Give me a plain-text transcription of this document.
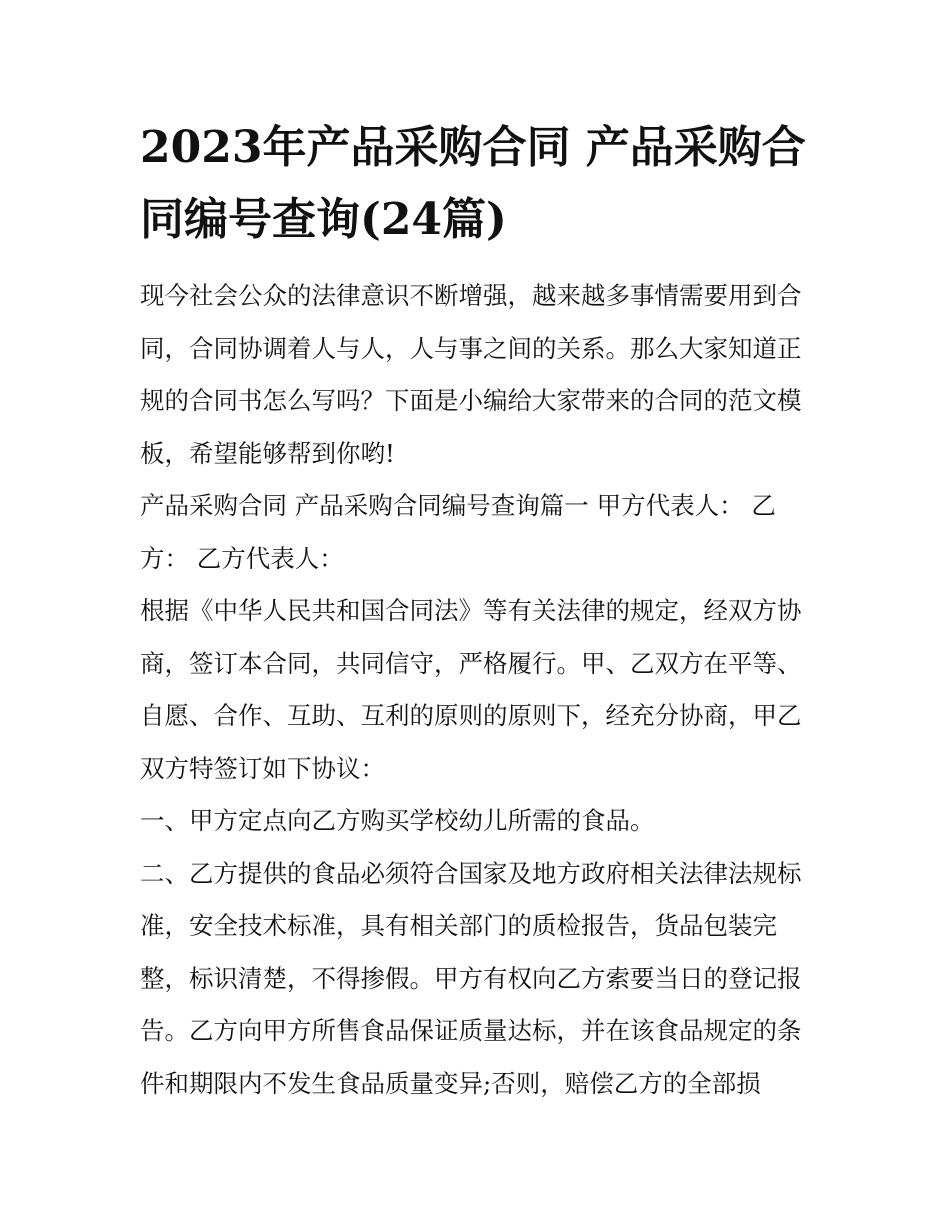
2023年产品采购合同 产品采购合同编号查询(24篇)

现今社会公众的法律意识不断增强，越来越多事情需要用到合同，合同协调着人与人，人与事之间的关系。那么大家知道正规的合同书怎么写吗？下面是小编给大家带来的合同的范文模板，希望能够帮到你哟!

产品采购合同 产品采购合同编号查询篇一 甲方代表人： 乙方： 乙方代表人：

根据《中华人民共和国合同法》等有关法律的规定，经双方协商，签订本合同，共同信守，严格履行。甲、乙双方在平等、自愿、合作、互助、互利的原则的原则下，经充分协商，甲乙双方特签订如下协议：

一、甲方定点向乙方购买学校幼儿所需的食品。

二、乙方提供的食品必须符合国家及地方政府相关法律法规标准，安全技术标准，具有相关部门的质检报告，货品包装完整，标识清楚，不得掺假。甲方有权向乙方索要当日的登记报告。乙方向甲方所售食品保证质量达标，并在该食品规定的条件和期限内不发生食品质量变异;否则，赔偿乙方的全部损
